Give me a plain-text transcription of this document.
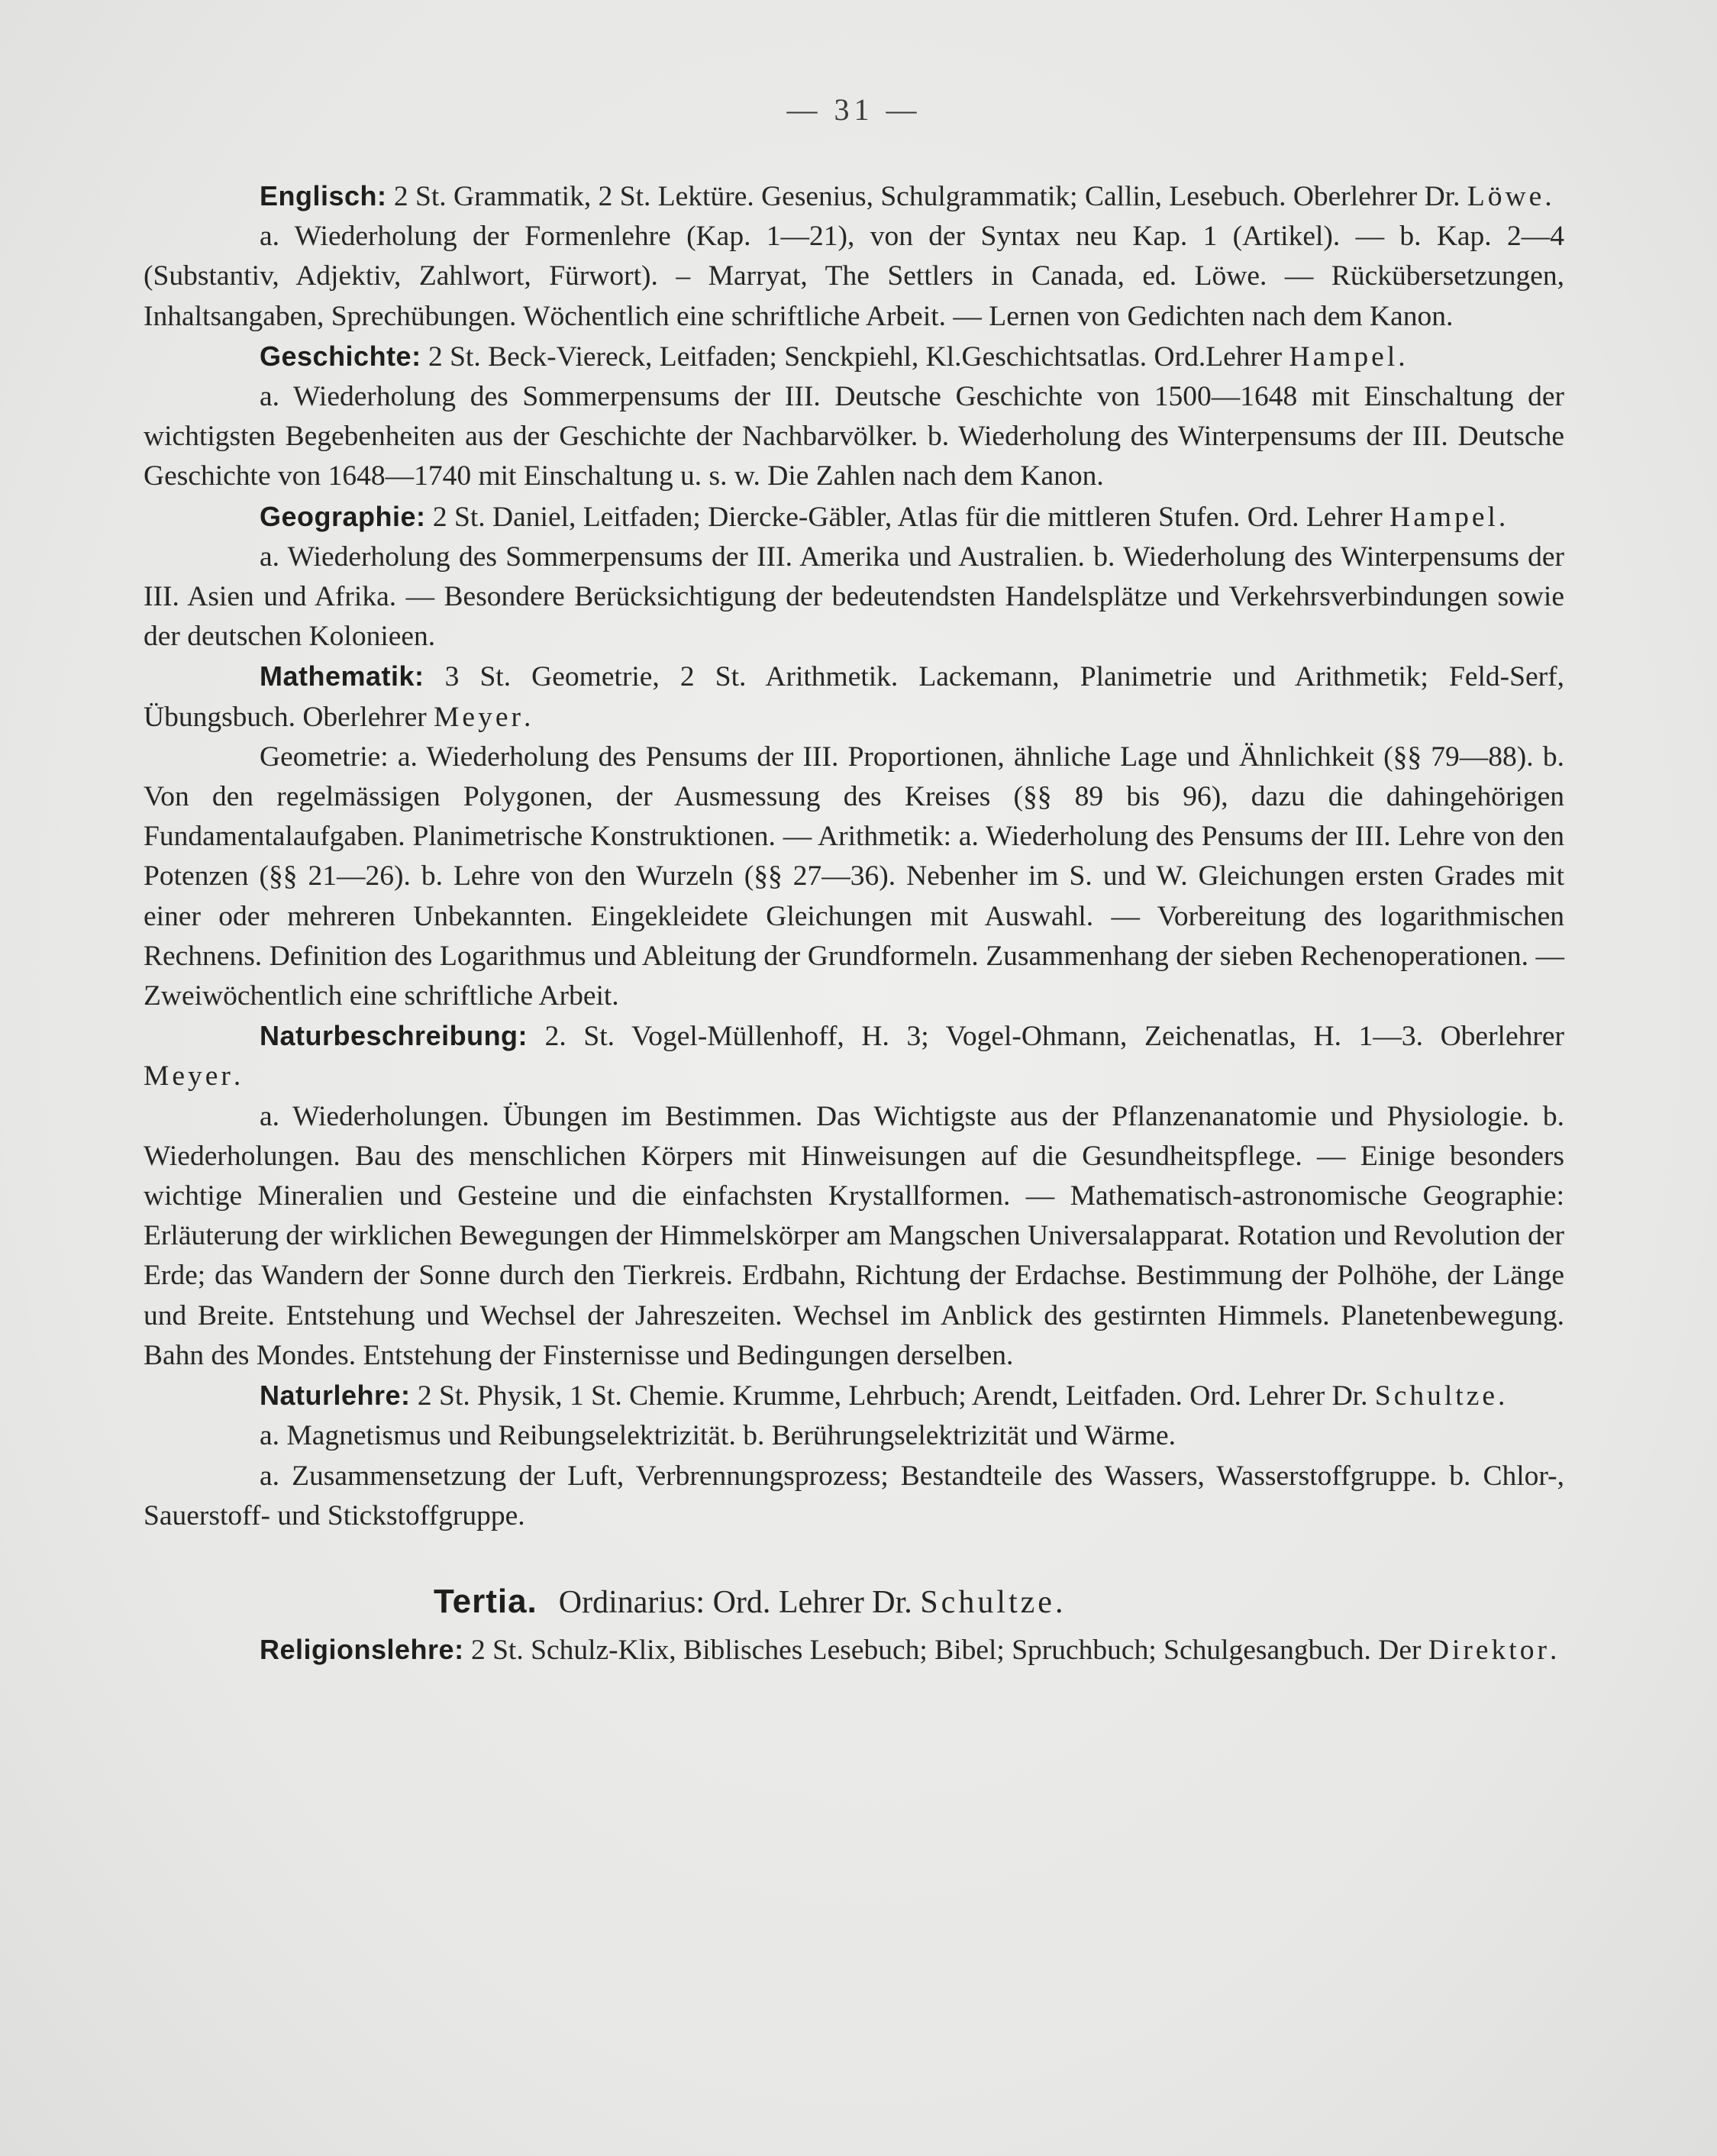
— 31 —

Englisch: 2 St. Grammatik, 2 St. Lektüre. Gesenius, Schulgrammatik; Callin, Lesebuch. Oberlehrer Dr. Löwe.

a. Wiederholung der Formenlehre (Kap. 1—21), von der Syntax neu Kap. 1 (Artikel). — b. Kap. 2—4 (Substantiv, Adjektiv, Zahlwort, Fürwort). – Marryat, The Settlers in Canada, ed. Löwe. — Rückübersetzungen, Inhaltsangaben, Sprechübungen. Wöchentlich eine schriftliche Arbeit. — Lernen von Gedichten nach dem Kanon.

Geschichte: 2 St. Beck-Viereck, Leitfaden; Senckpiehl, Kl.Geschichtsatlas. Ord.Lehrer Hampel.

a. Wiederholung des Sommerpensums der III. Deutsche Geschichte von 1500—1648 mit Einschaltung der wichtigsten Begebenheiten aus der Geschichte der Nachbarvölker. b. Wiederholung des Winterpensums der III. Deutsche Geschichte von 1648—1740 mit Einschaltung u. s. w. Die Zahlen nach dem Kanon.

Geographie: 2 St. Daniel, Leitfaden; Diercke-Gäbler, Atlas für die mittleren Stufen. Ord. Lehrer Hampel.

a. Wiederholung des Sommerpensums der III. Amerika und Australien. b. Wiederholung des Winterpensums der III. Asien und Afrika. — Besondere Berücksichtigung der bedeutendsten Handelsplätze und Verkehrsverbindungen sowie der deutschen Kolonieen.

Mathematik: 3 St. Geometrie, 2 St. Arithmetik. Lackemann, Planimetrie und Arithmetik; Feld-Serf, Übungsbuch. Oberlehrer Meyer.

Geometrie: a. Wiederholung des Pensums der III. Proportionen, ähnliche Lage und Ähnlichkeit (§§ 79—88). b. Von den regelmässigen Polygonen, der Ausmessung des Kreises (§§ 89 bis 96), dazu die dahingehörigen Fundamentalaufgaben. Planimetrische Konstruktionen. — Arithmetik: a. Wiederholung des Pensums der III. Lehre von den Potenzen (§§ 21—26). b. Lehre von den Wurzeln (§§ 27—36). Nebenher im S. und W. Gleichungen ersten Grades mit einer oder mehreren Unbekannten. Eingekleidete Gleichungen mit Auswahl. — Vorbereitung des logarithmischen Rechnens. Definition des Logarithmus und Ableitung der Grundformeln. Zusammenhang der sieben Rechenoperationen. — Zweiwöchentlich eine schriftliche Arbeit.

Naturbeschreibung: 2. St. Vogel-Müllenhoff, H. 3; Vogel-Ohmann, Zeichenatlas, H. 1—3. Oberlehrer Meyer.

a. Wiederholungen. Übungen im Bestimmen. Das Wichtigste aus der Pflanzenanatomie und Physiologie. b. Wiederholungen. Bau des menschlichen Körpers mit Hinweisungen auf die Gesundheitspflege. — Einige besonders wichtige Mineralien und Gesteine und die einfachsten Krystallformen. — Mathematisch-astronomische Geographie: Erläuterung der wirklichen Bewegungen der Himmelskörper am Mangschen Universalapparat. Rotation und Revolution der Erde; das Wandern der Sonne durch den Tierkreis. Erdbahn, Richtung der Erdachse. Bestimmung der Polhöhe, der Länge und Breite. Entstehung und Wechsel der Jahreszeiten. Wechsel im Anblick des gestirnten Himmels. Planetenbewegung. Bahn des Mondes. Entstehung der Finsternisse und Bedingungen derselben.

Naturlehre: 2 St. Physik, 1 St. Chemie. Krumme, Lehrbuch; Arendt, Leitfaden. Ord. Lehrer Dr. Schultze.

a. Magnetismus und Reibungselektrizität. b. Berührungselektrizität und Wärme.

a. Zusammensetzung der Luft, Verbrennungsprozess; Bestandteile des Wassers, Wasserstoffgruppe. b. Chlor-, Sauerstoff- und Stickstoffgruppe.

Tertia. Ordinarius: Ord. Lehrer Dr. Schultze.

Religionslehre: 2 St. Schulz-Klix, Biblisches Lesebuch; Bibel; Spruchbuch; Schulgesangbuch. Der Direktor.
